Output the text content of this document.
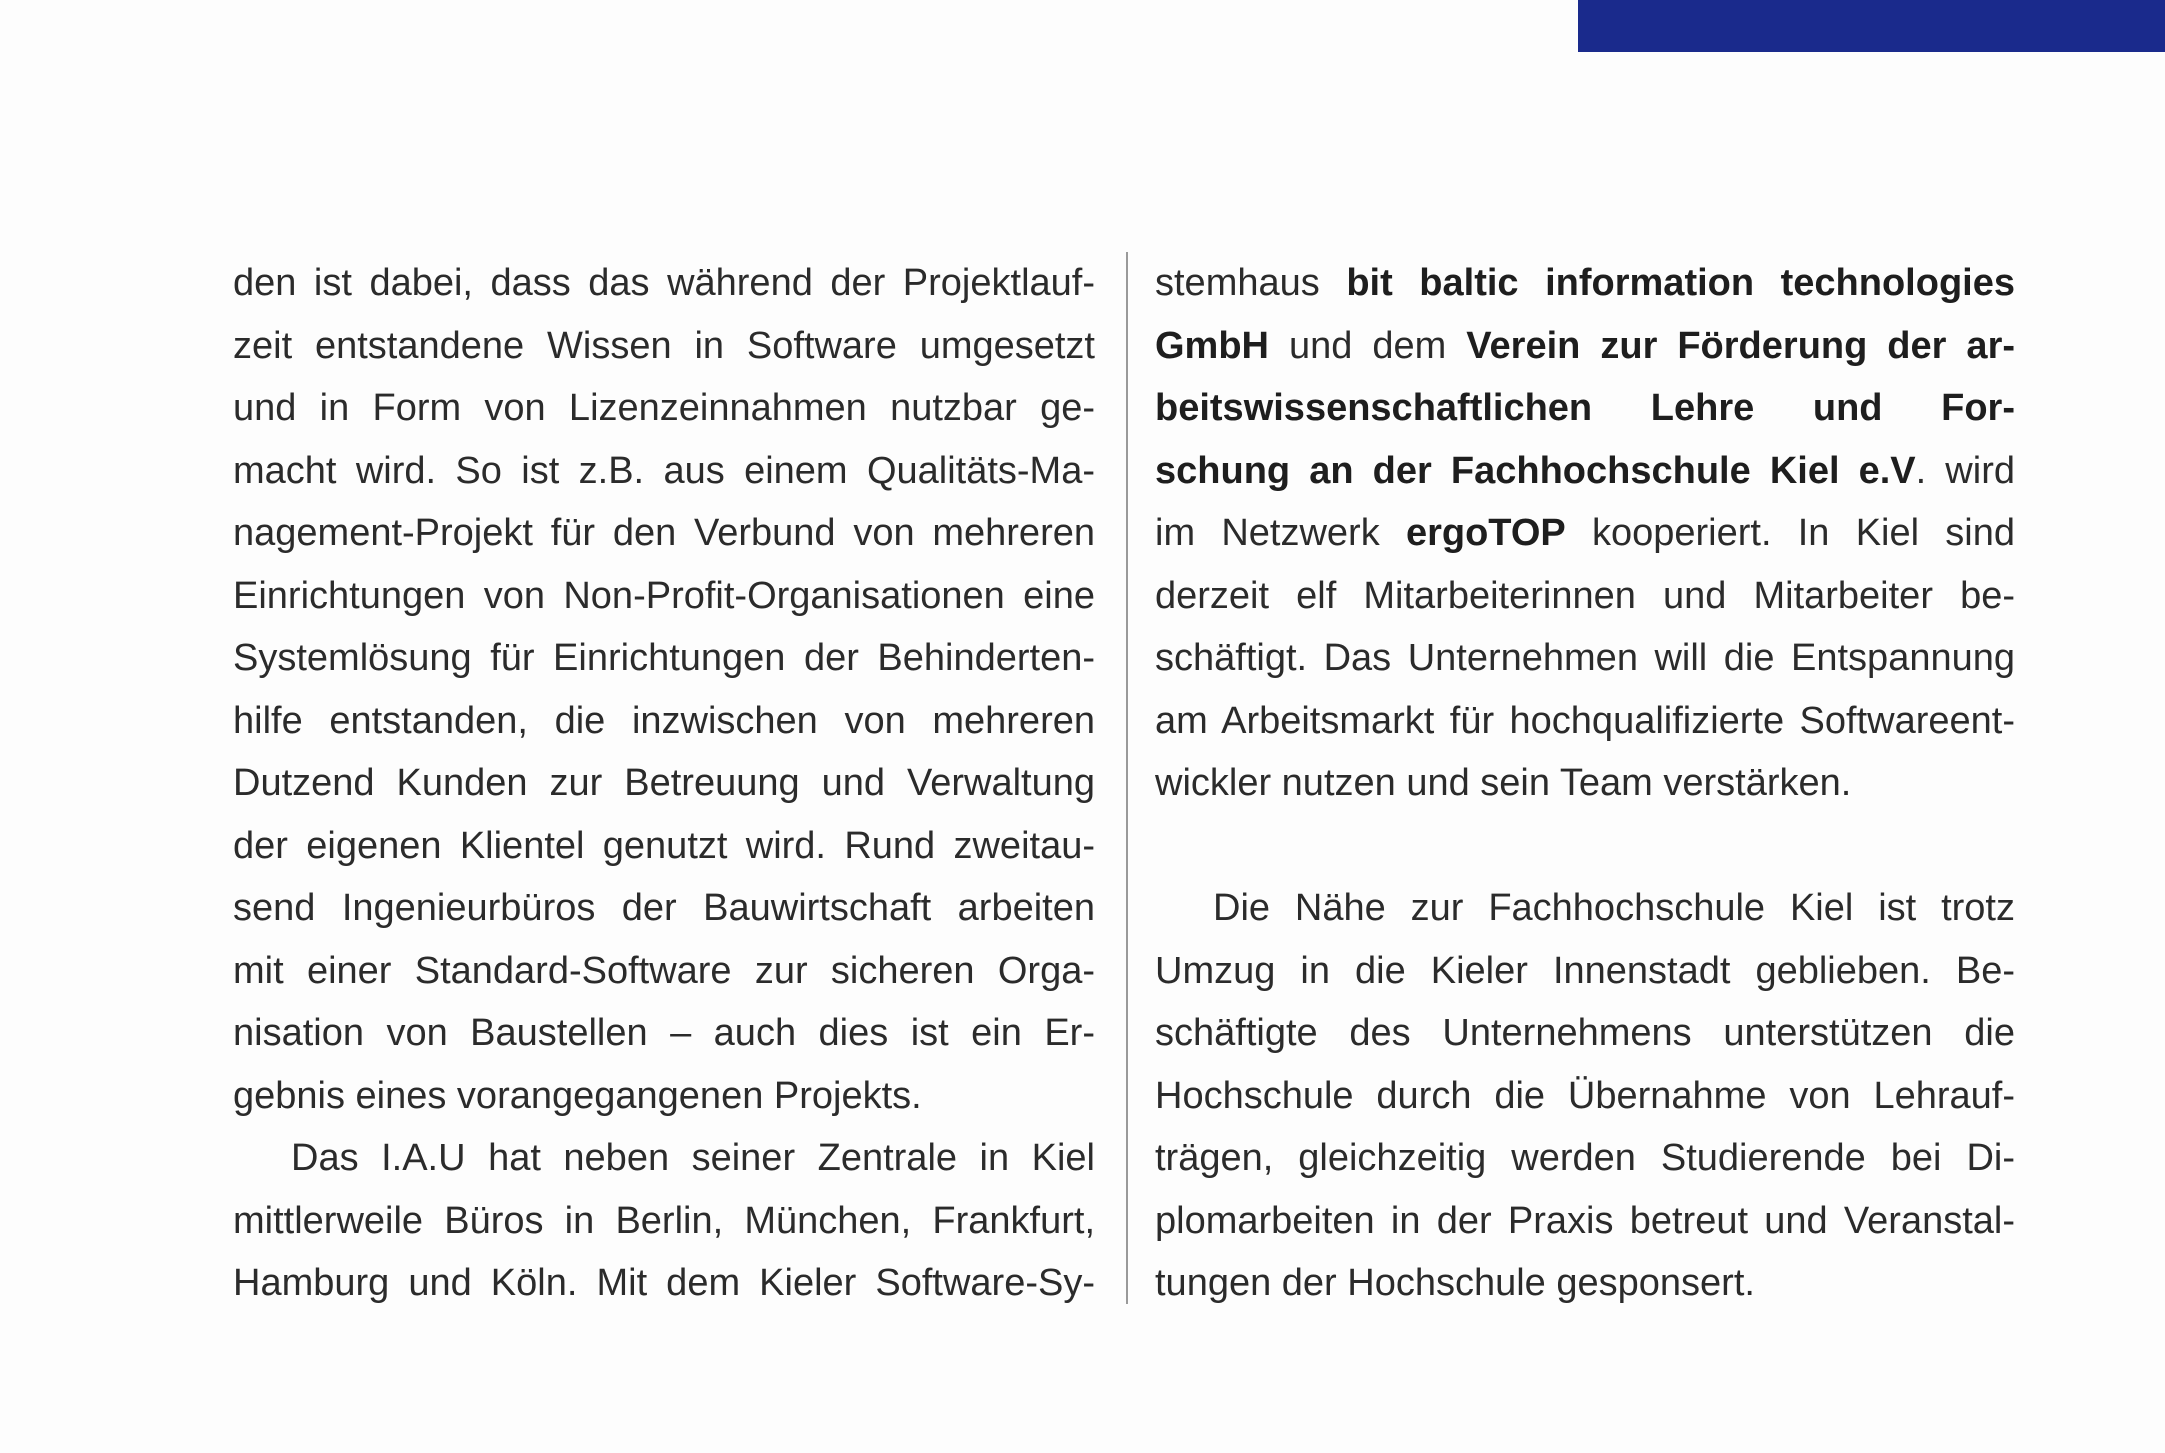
den ist dabei, dass das während der Projektlauf-
zeit entstandene Wissen in Software umgesetzt
und in Form von Lizenzeinnahmen nutzbar ge-
macht wird. So ist z.B. aus einem Qualitäts-Ma-
nagement-Projekt für den Verbund von mehreren
Einrichtungen von Non-Profit-Organisationen eine
Systemlösung für Einrichtungen der Behinderten-
hilfe entstanden, die inzwischen von mehreren
Dutzend Kunden zur Betreuung und Verwaltung
der eigenen Klientel genutzt wird. Rund zweitau-
send Ingenieurbüros der Bauwirtschaft arbeiten
mit einer Standard-Software zur sicheren Orga-
nisation von Baustellen – auch dies ist ein Er-
gebnis eines vorangegangenen Projekts.
Das I.A.U hat neben seiner Zentrale in Kiel
mittlerweile Büros in Berlin, München, Frankfurt,
Hamburg und Köln. Mit dem Kieler Software-Sy-
stemhaus bit baltic information technologies
GmbH und dem Verein zur Förderung der ar-
beitswissenschaftlichen Lehre und For-
schung an der Fachhochschule Kiel e.V. wird
im Netzwerk ergoTOP kooperiert. In Kiel sind
derzeit elf Mitarbeiterinnen und Mitarbeiter be-
schäftigt. Das Unternehmen will die Entspannung
am Arbeitsmarkt für hochqualifizierte Softwareent-
wickler nutzen und sein Team verstärken.
Die Nähe zur Fachhochschule Kiel ist trotz
Umzug in die Kieler Innenstadt geblieben. Be-
schäftigte des Unternehmens unterstützen die
Hochschule durch die Übernahme von Lehrauf-
trägen, gleichzeitig werden Studierende bei Di-
plomarbeiten in der Praxis betreut und Veranstal-
tungen der Hochschule gesponsert.
